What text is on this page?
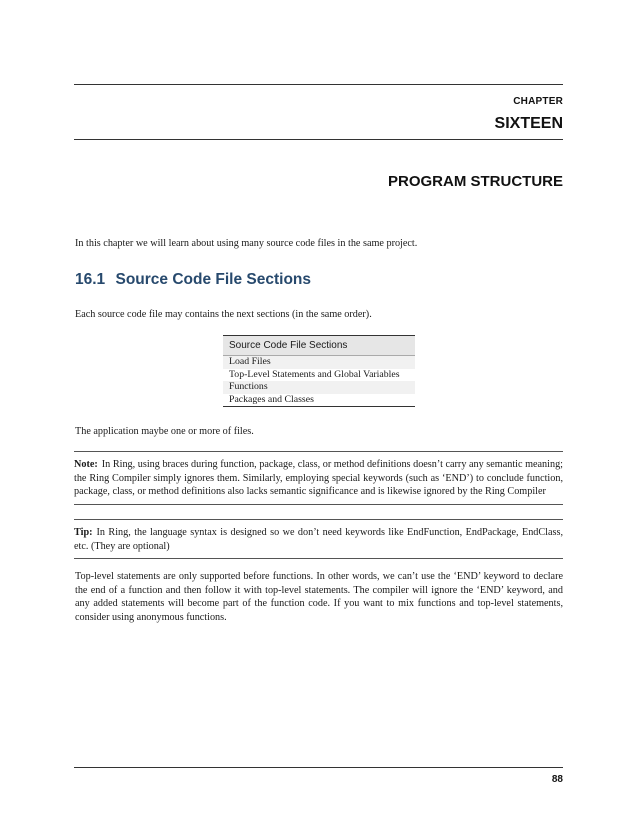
CHAPTER
SIXTEEN
PROGRAM STRUCTURE
In this chapter we will learn about using many source code files in the same project.
16.1 Source Code File Sections
Each source code file may contains the next sections (in the same order).
Source Code File Sections
Load Files
Top-Level Statements and Global Variables
Functions
Packages and Classes
The application maybe one or more of files.
Note: In Ring, using braces during function, package, class, or method definitions doesn’t carry any semantic meaning; the Ring Compiler simply ignores them. Similarly, employing special keywords (such as ‘END’) to conclude function, package, class, or method definitions also lacks semantic significance and is likewise ignored by the Ring Compiler
Tip: In Ring, the language syntax is designed so we don’t need keywords like EndFunction, EndPackage, EndClass, etc. (They are optional)
Top-level statements are only supported before functions. In other words, we can’t use the ‘END’ keyword to declare the end of a function and then follow it with top-level statements. The compiler will ignore the ‘END’ keyword, and any added statements will become part of the function code. If you want to mix functions and top-level statements, consider using anonymous functions.
88
